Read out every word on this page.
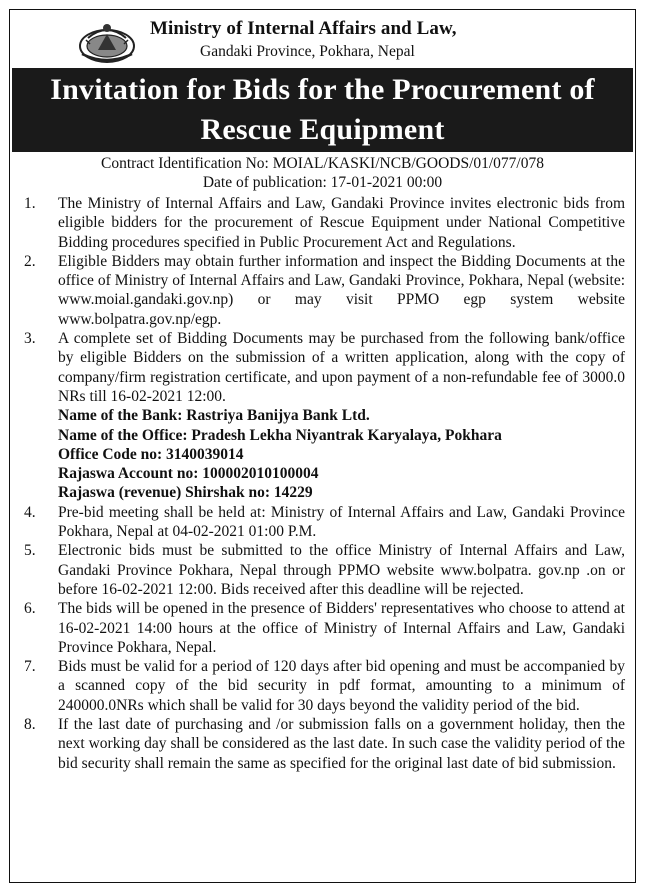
Ministry of Internal Affairs and Law,
Gandaki Province, Pokhara, Nepal
Invitation for Bids for the Procurement of
Rescue Equipment
Contract Identification No: MOIAL/KASKI/NCB/GOODS/01/077/078
Date of publication: 17-01-2021 00:00
1. The Ministry of Internal Affairs and Law, Gandaki Province invites electronic bids from eligible bidders for the procurement of Rescue Equipment under National Competitive Bidding procedures specified in Public Procurement Act and Regulations.
2. Eligible Bidders may obtain further information and inspect the Bidding Documents at the office of Ministry of Internal Affairs and Law, Gandaki Province, Pokhara, Nepal (website: www.moial.gandaki.gov.np) or may visit PPMO egp system website www.bolpatra.gov.np/egp.
3. A complete set of Bidding Documents may be purchased from the following bank/office by eligible Bidders on the submission of a written application, along with the copy of company/firm registration certificate, and upon payment of a non-refundable fee of 3000.0 NRs till 16-02-2021 12:00.
Name of the Bank: Rastriya Banijya Bank Ltd.
Name of the Office: Pradesh Lekha Niyantrak Karyalaya, Pokhara
Office Code no: 3140039014
Rajaswa Account no: 100002010100004
Rajaswa (revenue) Shirshak no: 14229
4. Pre-bid meeting shall be held at: Ministry of Internal Affairs and Law, Gandaki Province Pokhara, Nepal at 04-02-2021 01:00 P.M.
5. Electronic bids must be submitted to the office Ministry of Internal Affairs and Law, Gandaki Province Pokhara, Nepal through PPMO website www.bolpatra. gov.np .on or before 16-02-2021 12:00. Bids received after this deadline will be rejected.
6. The bids will be opened in the presence of Bidders' representatives who choose to attend at 16-02-2021 14:00 hours at the office of Ministry of Internal Affairs and Law, Gandaki Province Pokhara, Nepal.
7. Bids must be valid for a period of 120 days after bid opening and must be accompanied by a scanned copy of the bid security in pdf format, amounting to a minimum of 240000.0NRs which shall be valid for 30 days beyond the validity period of the bid.
8. If the last date of purchasing and /or submission falls on a government holiday, then the next working day shall be considered as the last date. In such case the validity period of the bid security shall remain the same as specified for the original last date of bid submission.
